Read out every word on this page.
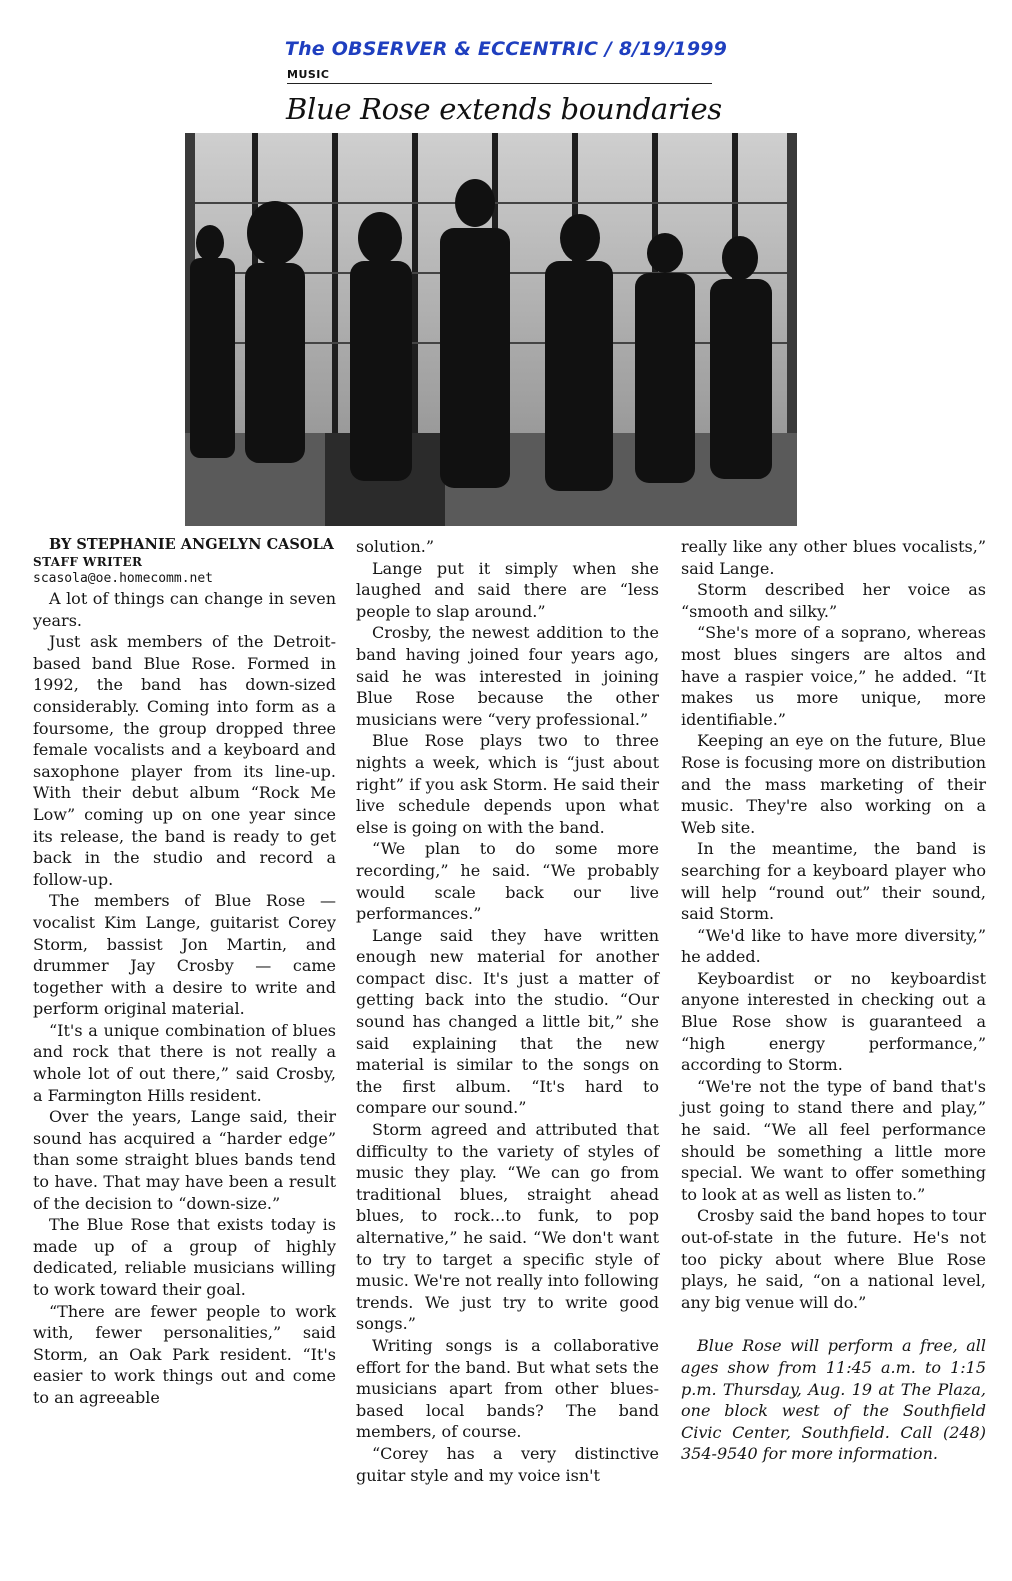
The OBSERVER & ECCENTRIC / 8/19/1999
MUSIC
Blue Rose extends boundaries

BY STEPHANIE ANGELYN CASOLA

STAFF WRITER

scasola@oe.homecomm.net

A lot of things can change in seven years.

Just ask members of the Detroit-based band Blue Rose. Formed in 1992, the band has down-sized considerably. Coming into form as a foursome, the group dropped three female vocalists and a keyboard and saxophone player from its line-up. With their debut album “Rock Me Low” coming up on one year since its release, the band is ready to get back in the studio and record a follow-up.

The members of Blue Rose — vocalist Kim Lange, guitarist Corey Storm, bassist Jon Martin, and drummer Jay Crosby — came together with a desire to write and perform original material.

“It's a unique combination of blues and rock that there is not really a whole lot of out there,” said Crosby, a Farmington Hills resident.

Over the years, Lange said, their sound has acquired a “harder edge” than some straight blues bands tend to have. That may have been a result of the decision to “down-size.”

The Blue Rose that exists today is made up of a group of highly dedicated, reliable musicians willing to work toward their goal.

“There are fewer people to work with, fewer personalities,” said Storm, an Oak Park resident. “It's easier to work things out and come to an agreeable

solution.”

Lange put it simply when she laughed and said there are “less people to slap around.”

Crosby, the newest addition to the band having joined four years ago, said he was interested in joining Blue Rose because the other musicians were “very professional.”

Blue Rose plays two to three nights a week, which is “just about right” if you ask Storm. He said their live schedule depends upon what else is going on with the band.

“We plan to do some more recording,” he said. “We probably would scale back our live performances.”

Lange said they have written enough new material for another compact disc. It's just a matter of getting back into the studio. “Our sound has changed a little bit,” she said explaining that the new material is similar to the songs on the first album. “It's hard to compare our sound.”

Storm agreed and attributed that difficulty to the variety of styles of music they play. “We can go from traditional blues, straight ahead blues, to rock...to funk, to pop alternative,” he said. “We don't want to try to target a specific style of music. We're not really into following trends. We just try to write good songs.”

Writing songs is a collaborative effort for the band. But what sets the musicians apart from other blues-based local bands? The band members, of course.

“Corey has a very distinctive guitar style and my voice isn't

really like any other blues vocalists,” said Lange.

Storm described her voice as “smooth and silky.”

“She's more of a soprano, whereas most blues singers are altos and have a raspier voice,” he added. “It makes us more unique, more identifiable.”

Keeping an eye on the future, Blue Rose is focusing more on distribution and the mass marketing of their music. They're also working on a Web site.

In the meantime, the band is searching for a keyboard player who will help “round out” their sound, said Storm.

“We'd like to have more diversity,” he added.

Keyboardist or no keyboardist anyone interested in checking out a Blue Rose show is guaranteed a “high energy performance,” according to Storm.

“We're not the type of band that's just going to stand there and play,” he said. “We all feel performance should be something a little more special. We want to offer something to look at as well as listen to.”

Crosby said the band hopes to tour out-of-state in the future. He's not too picky about where Blue Rose plays, he said, “on a national level, any big venue will do.”

Blue Rose will perform a free, all ages show from 11:45 a.m. to 1:15 p.m. Thursday, Aug. 19 at The Plaza, one block west of the Southfield Civic Center, Southfield. Call (248) 354-9540 for more information.
